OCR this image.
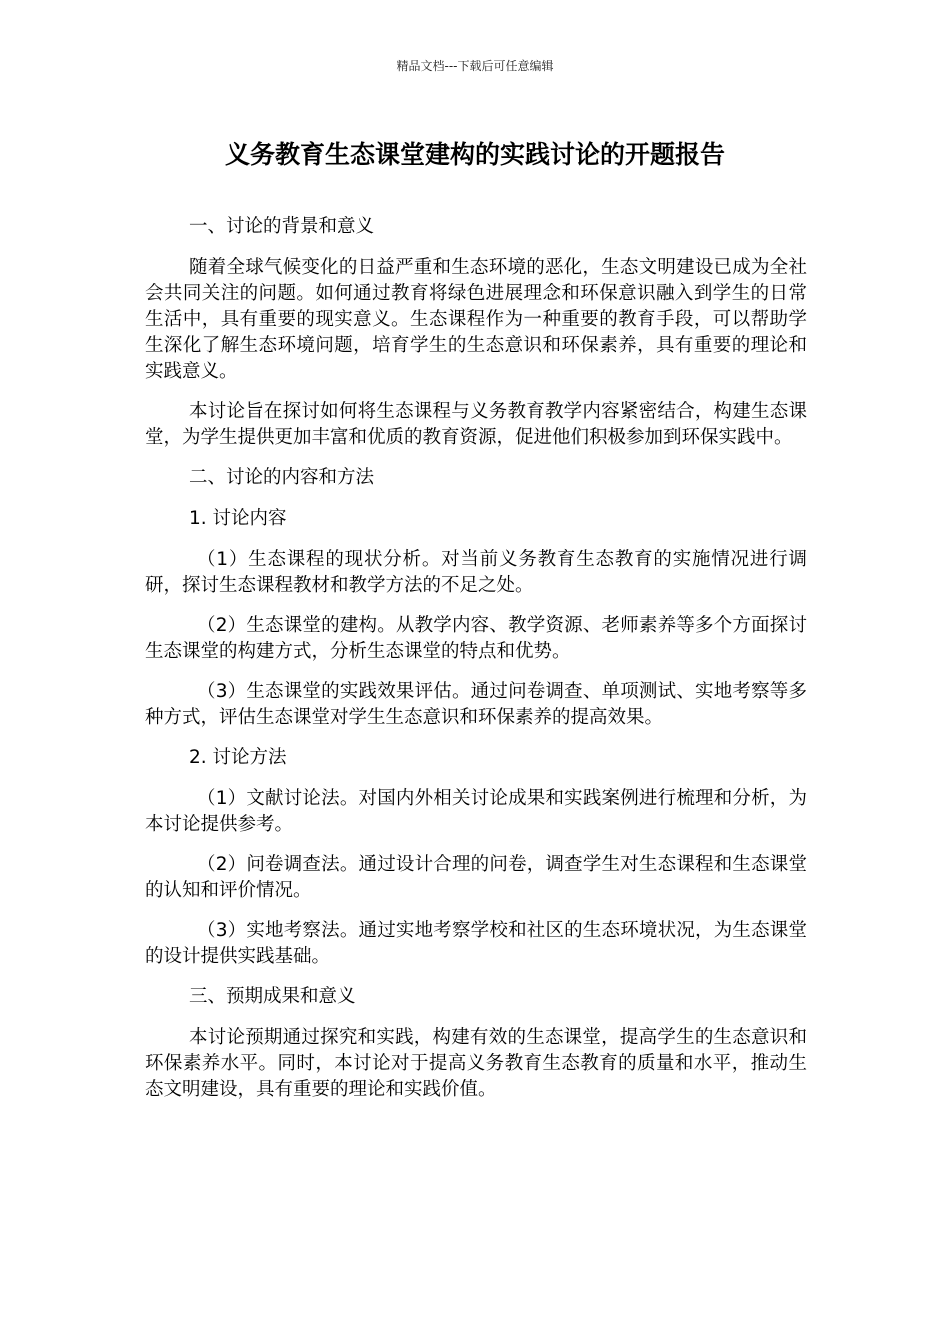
精品文档---下载后可任意编辑
义务教育生态课堂建构的实践讨论的开题报告

一、讨论的背景和意义

随着全球气候变化的日益严重和生态环境的恶化，生态文明建设已成为全社会共同关注的问题。如何通过教育将绿色进展理念和环保意识融入到学生的日常生活中，具有重要的现实意义。生态课程作为一种重要的教育手段，可以帮助学生深化了解生态环境问题，培育学生的生态意识和环保素养，具有重要的理论和实践意义。

本讨论旨在探讨如何将生态课程与义务教育教学内容紧密结合，构建生态课堂，为学生提供更加丰富和优质的教育资源，促进他们积极参加到环保实践中。

二、讨论的内容和方法

1. 讨论内容

（1）生态课程的现状分析。对当前义务教育生态教育的实施情况进行调研，探讨生态课程教材和教学方法的不足之处。

（2）生态课堂的建构。从教学内容、教学资源、老师素养等多个方面探讨生态课堂的构建方式，分析生态课堂的特点和优势。

（3）生态课堂的实践效果评估。通过问卷调查、单项测试、实地考察等多种方式，评估生态课堂对学生生态意识和环保素养的提高效果。

2. 讨论方法

（1）文献讨论法。对国内外相关讨论成果和实践案例进行梳理和分析，为本讨论提供参考。

（2）问卷调查法。通过设计合理的问卷，调查学生对生态课程和生态课堂的认知和评价情况。

（3）实地考察法。通过实地考察学校和社区的生态环境状况，为生态课堂的设计提供实践基础。

三、预期成果和意义

本讨论预期通过探究和实践，构建有效的生态课堂，提高学生的生态意识和环保素养水平。同时，本讨论对于提高义务教育生态教育的质量和水平，推动生态文明建设，具有重要的理论和实践价值。
